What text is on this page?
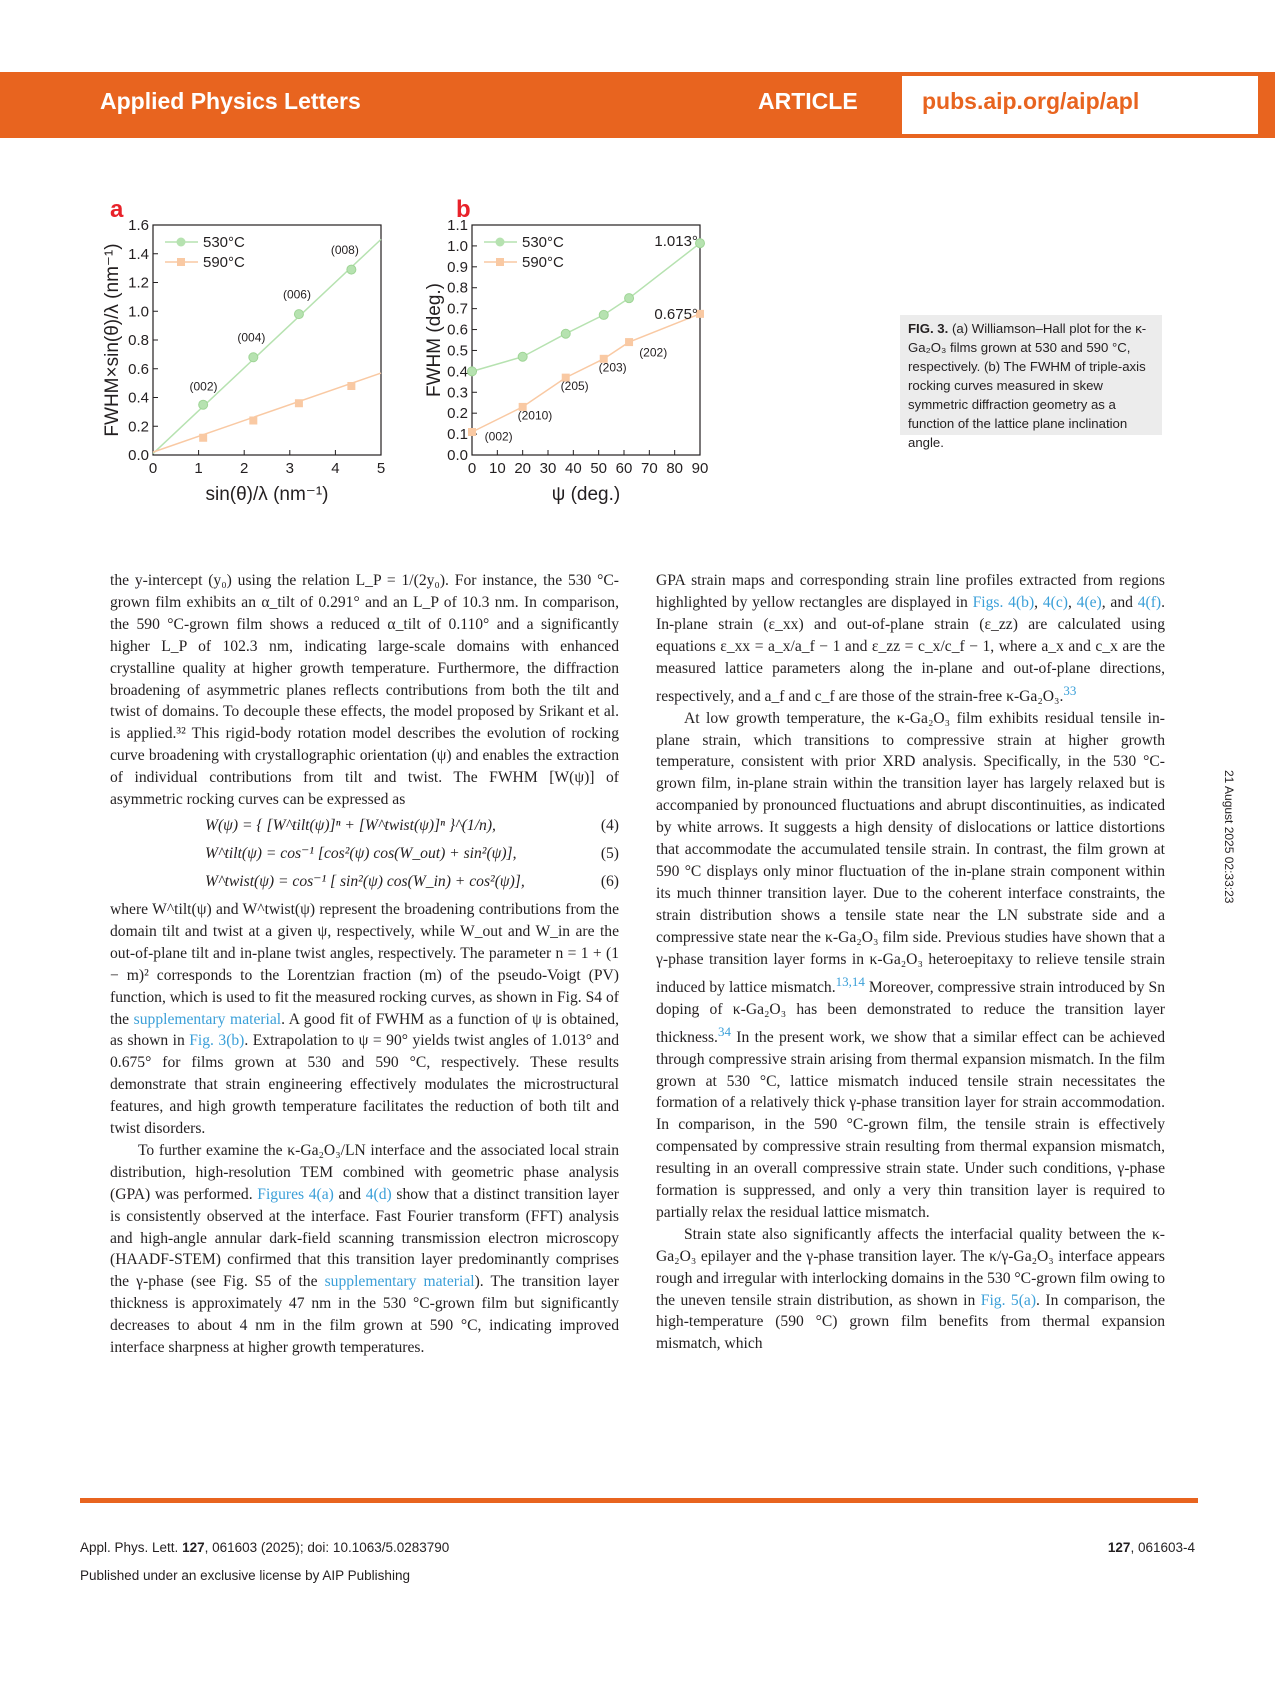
Applied Physics Letters	ARTICLE	pubs.aip.org/aip/apl
a	b
0 1 2 3 4 5
0.0
0.2
0.4
0.6
0.8
1.0
1.2
1.4
1.6
sin(θ)/λ (nm⁻¹)
FWHM×sin(θ)/λ (nm⁻¹)
530°C
590°C
(002)
(004)
(006)
(008)
0 10 20 30 40 50 60 70 80 90
0.0
0.1
0.2
0.3
0.4
0.5
0.6
0.7
0.8
0.9
1.0
1.1
ψ (deg.)
FWHM (deg.)
530°C
590°C
1.013°
0.675°
(002)
(2010)
(205)
(203)
(202)
FIG. 3. (a) Williamson–Hall plot for the κ-Ga₂O₃ films grown at 530 and 590 °C, respectively. (b) The FWHM of triple-axis rocking curves measured in skew symmetric diffraction geometry as a function of the lattice plane inclination angle.

the y-intercept (y₀) using the relation L_P = 1/(2y₀). For instance, the 530 °C-grown film exhibits an α_tilt of 0.291° and an L_P of 10.3 nm. In comparison, the 590 °C-grown film shows a reduced α_tilt of 0.110° and a significantly higher L_P of 102.3 nm, indicating large-scale domains with enhanced crystalline quality at higher growth temperature. Furthermore, the diffraction broadening of asymmetric planes reflects contributions from both the tilt and twist of domains. To decouple these effects, the model proposed by Srikant et al. is applied.³² This rigid-body rotation model describes the evolution of rocking curve broadening with crystallographic orientation (ψ) and enables the extraction of individual contributions from tilt and twist. The FWHM [W(ψ)] of asymmetric rocking curves can be expressed as

W(ψ) = { [W^tilt(ψ)]ⁿ + [W^twist(ψ)]ⁿ }^(1/n),	(4)
W^tilt(ψ) = cos⁻¹ [cos²(ψ) cos(W_out) + sin²(ψ)],	(5)
W^twist(ψ) = cos⁻¹ [ sin²(ψ) cos(W_in) + cos²(ψ)],	(6)

where W^tilt(ψ) and W^twist(ψ) represent the broadening contributions from the domain tilt and twist at a given ψ, respectively, while W_out and W_in are the out-of-plane tilt and in-plane twist angles, respectively. The parameter n = 1 + (1 − m)² corresponds to the Lorentzian fraction (m) of the pseudo-Voigt (PV) function, which is used to fit the measured rocking curves, as shown in Fig. S4 of the supplementary material. A good fit of FWHM as a function of ψ is obtained, as shown in Fig. 3(b). Extrapolation to ψ = 90° yields twist angles of 1.013° and 0.675° for films grown at 530 and 590 °C, respectively. These results demonstrate that strain engineering effectively modulates the microstructural features, and high growth temperature facilitates the reduction of both tilt and twist disorders.

To further examine the κ-Ga₂O₃/LN interface and the associated local strain distribution, high-resolution TEM combined with geometric phase analysis (GPA) was performed. Figures 4(a) and 4(d) show that a distinct transition layer is consistently observed at the interface. Fast Fourier transform (FFT) analysis and high-angle annular dark-field scanning transmission electron microscopy (HAADF-STEM) confirmed that this transition layer predominantly comprises the γ-phase (see Fig. S5 of the supplementary material). The transition layer thickness is approximately 47 nm in the 530 °C-grown film but significantly decreases to about 4 nm in the film grown at 590 °C, indicating improved interface sharpness at higher growth temperatures.

GPA strain maps and corresponding strain line profiles extracted from regions highlighted by yellow rectangles are displayed in Figs. 4(b), 4(c), 4(e), and 4(f). In-plane strain (ε_xx) and out-of-plane strain (ε_zz) are calculated using equations ε_xx = a_x/a_f − 1 and ε_zz = c_x/c_f − 1, where a_x and c_x are the measured lattice parameters along the in-plane and out-of-plane directions, respectively, and a_f and c_f are those of the strain-free κ-Ga₂O₃.$^{33}$

At low growth temperature, the κ-Ga₂O₃ film exhibits residual tensile in-plane strain, which transitions to compressive strain at higher growth temperature, consistent with prior XRD analysis. Specifically, in the 530 °C-grown film, in-plane strain within the transition layer has largely relaxed but is accompanied by pronounced fluctuations and abrupt discontinuities, as indicated by white arrows. It suggests a high density of dislocations or lattice distortions that accommodate the accumulated tensile strain. In contrast, the film grown at 590 °C displays only minor fluctuation of the in-plane strain component within its much thinner transition layer. Due to the coherent interface constraints, the strain distribution shows a tensile state near the LN substrate side and a compressive state near the κ-Ga₂O₃ film side. Previous studies have shown that a γ-phase transition layer forms in κ-Ga₂O₃ heteroepitaxy to relieve tensile strain induced by lattice mismatch.$^{13,14}$ Moreover, compressive strain introduced by Sn doping of κ-Ga₂O₃ has been demonstrated to reduce the transition layer thickness.$^{34}$ In the present work, we show that a similar effect can be achieved through compressive strain arising from thermal expansion mismatch. In the film grown at 530 °C, lattice mismatch induced tensile strain necessitates the formation of a relatively thick γ-phase transition layer for strain accommodation. In comparison, in the 590 °C-grown film, the tensile strain is effectively compensated by compressive strain resulting from thermal expansion mismatch, resulting in an overall compressive strain state. Under such conditions, γ-phase formation is suppressed, and only a very thin transition layer is required to partially relax the residual lattice mismatch.

Strain state also significantly affects the interfacial quality between the κ-Ga₂O₃ epilayer and the γ-phase transition layer. The κ/γ-Ga₂O₃ interface appears rough and irregular with interlocking domains in the 530 °C-grown film owing to the uneven tensile strain distribution, as shown in Fig. 5(a). In comparison, the high-temperature (590 °C) grown film benefits from thermal expansion mismatch, which

21 August 2025 02:33:23
Appl. Phys. Lett. 127, 061603 (2025); doi: 10.1063/5.0283790	127, 061603-4
Published under an exclusive license by AIP Publishing
